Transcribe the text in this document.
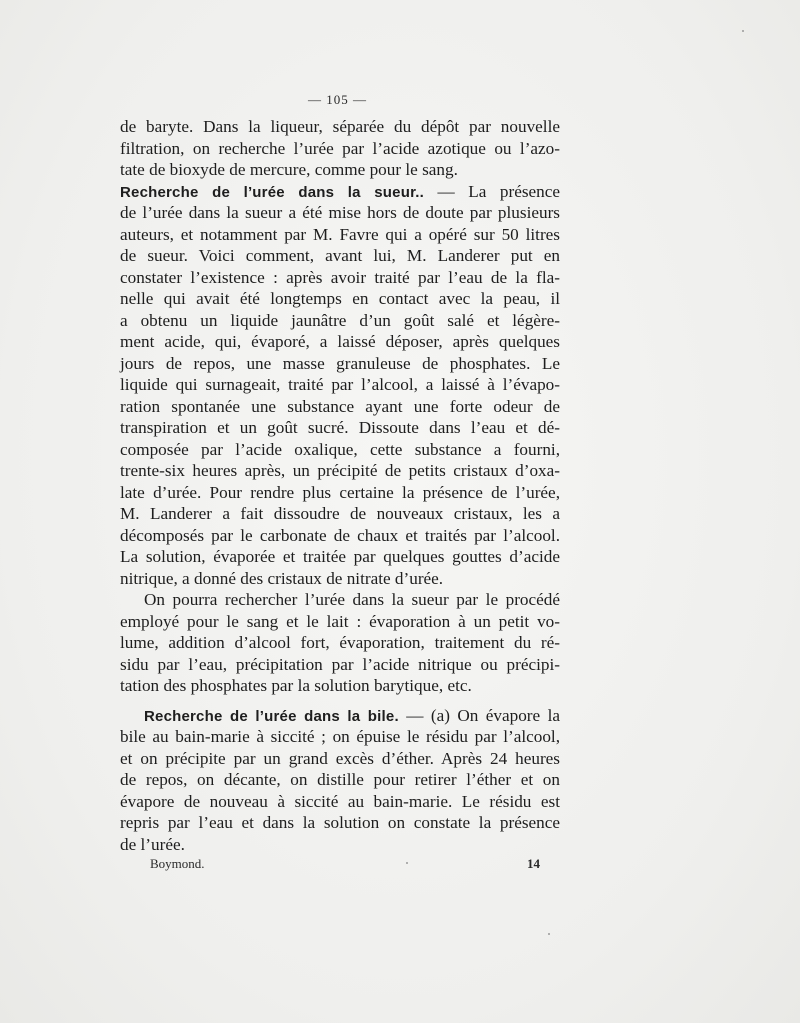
— 105 —
de baryte. Dans la liqueur, séparée du dépôt par nouvelle
filtration, on recherche l’urée par l’acide azotique ou l’azo-
tate de bioxyde de mercure, comme pour le sang.
Recherche de l’urée dans la sueur.. — La présence
de l’urée dans la sueur a été mise hors de doute par plusieurs
auteurs, et notamment par M. Favre qui a opéré sur 50 litres
de sueur. Voici comment, avant lui, M. Landerer put en
constater l’existence : après avoir traité par l’eau de la fla-
nelle qui avait été longtemps en contact avec la peau, il
a obtenu un liquide jaunâtre d’un goût salé et légère-
ment acide, qui, évaporé, a laissé déposer, après quelques
jours de repos, une masse granuleuse de phosphates. Le
liquide qui surnageait, traité par l’alcool, a laissé à l’évapo-
ration spontanée une substance ayant une forte odeur de
transpiration et un goût sucré. Dissoute dans l’eau et dé-
composée par l’acide oxalique, cette substance a fourni,
trente-six heures après, un précipité de petits cristaux d’oxa-
late d’urée. Pour rendre plus certaine la présence de l’urée,
M. Landerer a fait dissoudre de nouveaux cristaux, les a
décomposés par le carbonate de chaux et traités par l’alcool.
La solution, évaporée et traitée par quelques gouttes d’acide
nitrique, a donné des cristaux de nitrate d’urée.
On pourra rechercher l’urée dans la sueur par le procédé
employé pour le sang et le lait : évaporation à un petit vo-
lume, addition d’alcool fort, évaporation, traitement du ré-
sidu par l’eau, précipitation par l’acide nitrique ou précipi-
tation des phosphates par la solution barytique, etc.
Recherche de l’urée dans la bile. — (a) On évapore la
bile au bain-marie à siccité ; on épuise le résidu par l’alcool,
et on précipite par un grand excès d’éther. Après 24 heures
de repos, on décante, on distille pour retirer l’éther et on
évapore de nouveau à siccité au bain-marie. Le résidu est
repris par l’eau et dans la solution on constate la présence
de l’urée.
Boymond.	14
